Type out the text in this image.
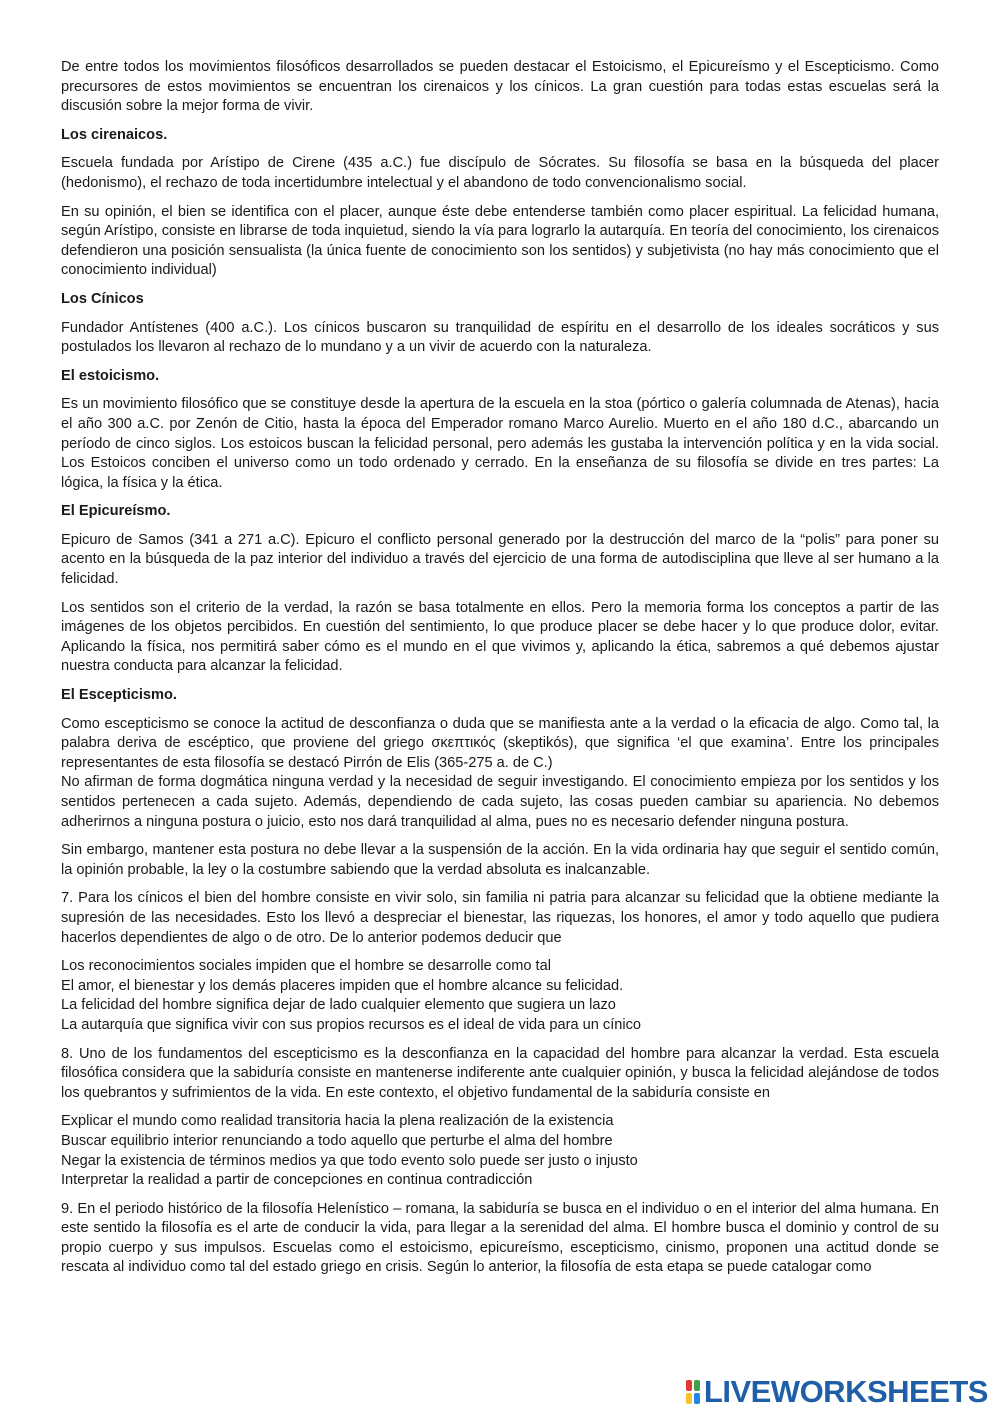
De entre todos los movimientos filosóficos desarrollados se pueden destacar el Estoicismo, el Epicureísmo y el Escepticismo. Como precursores de estos movimientos se encuentran los cirenaicos y los cínicos. La gran cuestión para todas estas escuelas será la discusión sobre la mejor forma de vivir.

Los cirenaicos.

Escuela fundada por Arístipo de Cirene (435 a.C.) fue discípulo de Sócrates. Su filosofía se basa en la búsqueda del placer (hedonismo), el rechazo de toda incertidumbre intelectual y el abandono de todo convencionalismo social.

En su opinión, el bien se identifica con el placer, aunque éste debe entenderse también como placer espiritual. La felicidad humana, según Arístipo, consiste en librarse de toda inquietud, siendo la vía para lograrlo la autarquía. En teoría del conocimiento, los cirenaicos defendieron una posición sensualista (la única fuente de conocimiento son los sentidos) y subjetivista (no hay más conocimiento que el conocimiento individual)

Los Cínicos

Fundador Antístenes (400 a.C.). Los cínicos buscaron su tranquilidad de espíritu en el desarrollo de los ideales socráticos y sus postulados los llevaron al rechazo de lo mundano y a un vivir de acuerdo con la naturaleza.

El estoicismo.

Es un movimiento filosófico que se constituye desde la apertura de la escuela en la stoa (pórtico o galería columnada de Atenas), hacia el año 300 a.C. por Zenón de Citio, hasta la época del Emperador romano Marco Aurelio. Muerto en el año 180 d.C., abarcando un período de cinco siglos. Los estoicos buscan la felicidad personal, pero además les gustaba la intervención política y en la vida social. Los Estoicos conciben el universo como un todo ordenado y cerrado. En la enseñanza de su filosofía se divide en tres partes: La lógica, la física y la ética.

El Epicureísmo.

Epicuro de Samos (341 a 271 a.C). Epicuro el conflicto personal generado por la destrucción del marco de la “polis” para poner su acento en la búsqueda de la paz interior del individuo a través del ejercicio de una forma de autodisciplina que lleve al ser humano a la felicidad.

Los sentidos son el criterio de la verdad, la razón se basa totalmente en ellos. Pero la memoria forma los conceptos a partir de las imágenes de los objetos percibidos. En cuestión del sentimiento, lo que produce placer se debe hacer y lo que produce dolor, evitar. Aplicando la física, nos permitirá saber cómo es el mundo en el que vivimos y, aplicando la ética, sabremos a qué debemos ajustar nuestra conducta para alcanzar la felicidad.

El Escepticismo.
Como escepticismo se conoce la actitud de desconfianza o duda que se manifiesta ante a la verdad o la eficacia de algo. Como tal, la palabra deriva de escéptico, que proviene del griego σκεπτικός (skeptikós), que significa ‘el que examina’. Entre los principales representantes de esta filosofía se destacó Pirrón de Elis (365-275 a. de C.)
No afirman de forma dogmática ninguna verdad y la necesidad de seguir investigando. El conocimiento empieza por los sentidos y los sentidos pertenecen a cada sujeto. Además, dependiendo de cada sujeto, las cosas pueden cambiar su apariencia. No debemos adherirnos a ninguna postura o juicio, esto nos dará tranquilidad al alma, pues no es necesario defender ninguna postura.

Sin embargo, mantener esta postura no debe llevar a la suspensión de la acción. En la vida ordinaria hay que seguir el sentido común, la opinión probable, la ley o la costumbre sabiendo que la verdad absoluta es inalcanzable.

7. Para los cínicos el bien del hombre consiste en vivir solo, sin familia ni patria para alcanzar su felicidad que la obtiene mediante la supresión de las necesidades. Esto los llevó a despreciar el bienestar, las riquezas, los honores, el amor y todo aquello que pudiera hacerlos dependientes de algo o de otro. De lo anterior podemos deducir que

Los reconocimientos sociales impiden que el hombre se desarrolle como tal
El amor, el bienestar y los demás placeres impiden que el hombre alcance su felicidad.
La felicidad del hombre significa dejar de lado cualquier elemento que sugiera un lazo
La autarquía que significa vivir con sus propios recursos es el ideal de vida para un cínico

8. Uno de los fundamentos del escepticismo es la desconfianza en la capacidad del hombre para alcanzar la verdad. Esta escuela filosófica considera que la sabiduría consiste en mantenerse indiferente ante cualquier opinión, y busca la felicidad alejándose de todos los quebrantos y sufrimientos de la vida. En este contexto, el objetivo fundamental de la sabiduría consiste en

Explicar el mundo como realidad transitoria hacia la plena realización de la existencia
Buscar equilibrio interior renunciando a todo aquello que perturbe el alma del hombre
Negar la existencia de términos medios ya que todo evento solo puede ser justo o injusto
Interpretar la realidad a partir de concepciones en continua contradicción

9. En el periodo histórico de la filosofía Helenístico – romana, la sabiduría se busca en el individuo o en el interior del alma humana. En este sentido la filosofía es el arte de conducir la vida, para llegar a la serenidad del alma. El hombre busca el dominio y control de su propio cuerpo y sus impulsos. Escuelas como el estoicismo, epicureísmo, escepticismo, cinismo, proponen una actitud donde se rescata al individuo como tal del estado griego en crisis. Según lo anterior, la filosofía de esta etapa se puede catalogar como

LIVEWORKSHEETS
